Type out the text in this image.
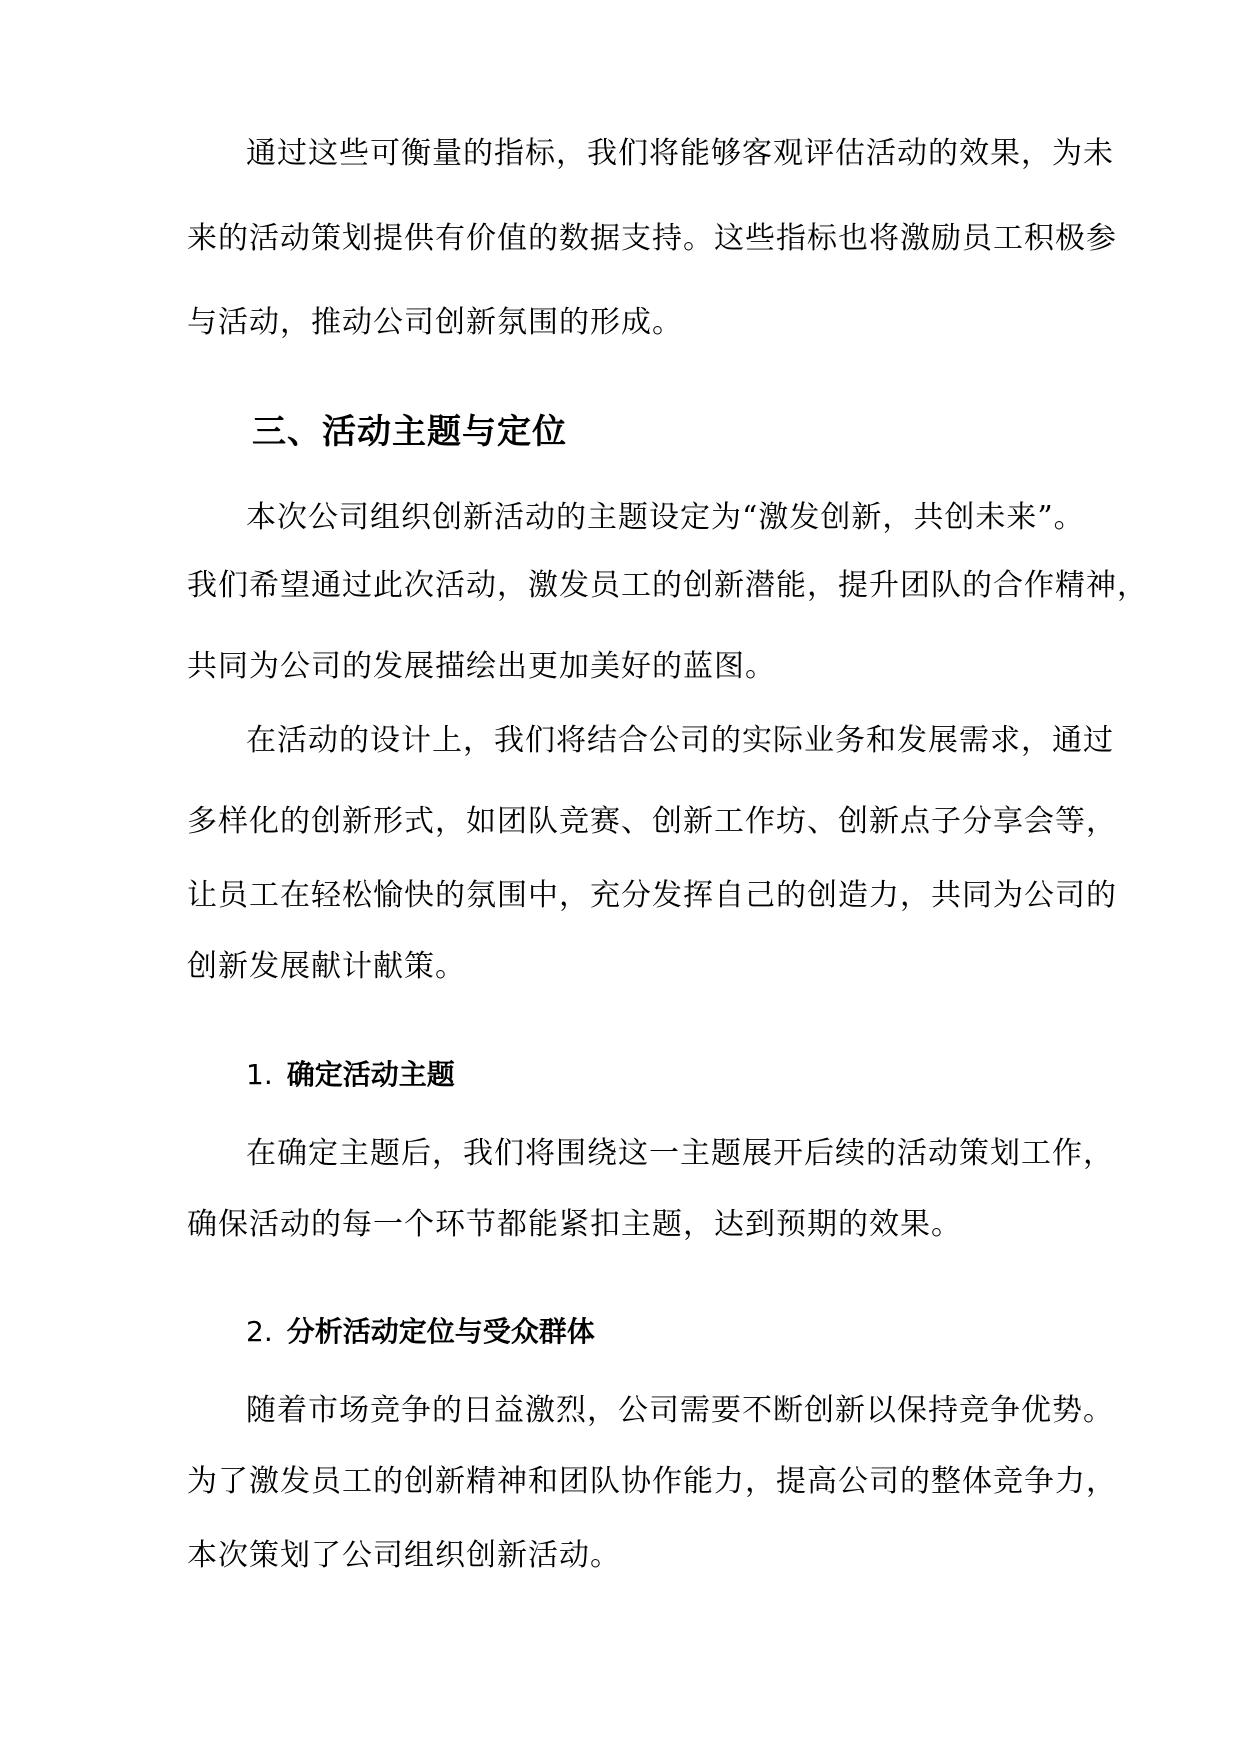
通过这些可衡量的指标，我们将能够客观评估活动的效果，为未
来的活动策划提供有价值的数据支持。这些指标也将激励员工积极参
与活动，推动公司创新氛围的形成。
三、活动主题与定位
本次公司组织创新活动的主题设定为“激发创新，共创未来”。
我们希望通过此次活动，激发员工的创新潜能，提升团队的合作精神，
共同为公司的发展描绘出更加美好的蓝图。
在活动的设计上，我们将结合公司的实际业务和发展需求，通过
多样化的创新形式，如团队竞赛、创新工作坊、创新点子分享会等，
让员工在轻松愉快的氛围中，充分发挥自己的创造力，共同为公司的
创新发展献计献策。
1. 确定活动主题
在确定主题后，我们将围绕这一主题展开后续的活动策划工作，
确保活动的每一个环节都能紧扣主题，达到预期的效果。
2. 分析活动定位与受众群体
随着市场竞争的日益激烈，公司需要不断创新以保持竞争优势。
为了激发员工的创新精神和团队协作能力，提高公司的整体竞争力，
本次策划了公司组织创新活动。
